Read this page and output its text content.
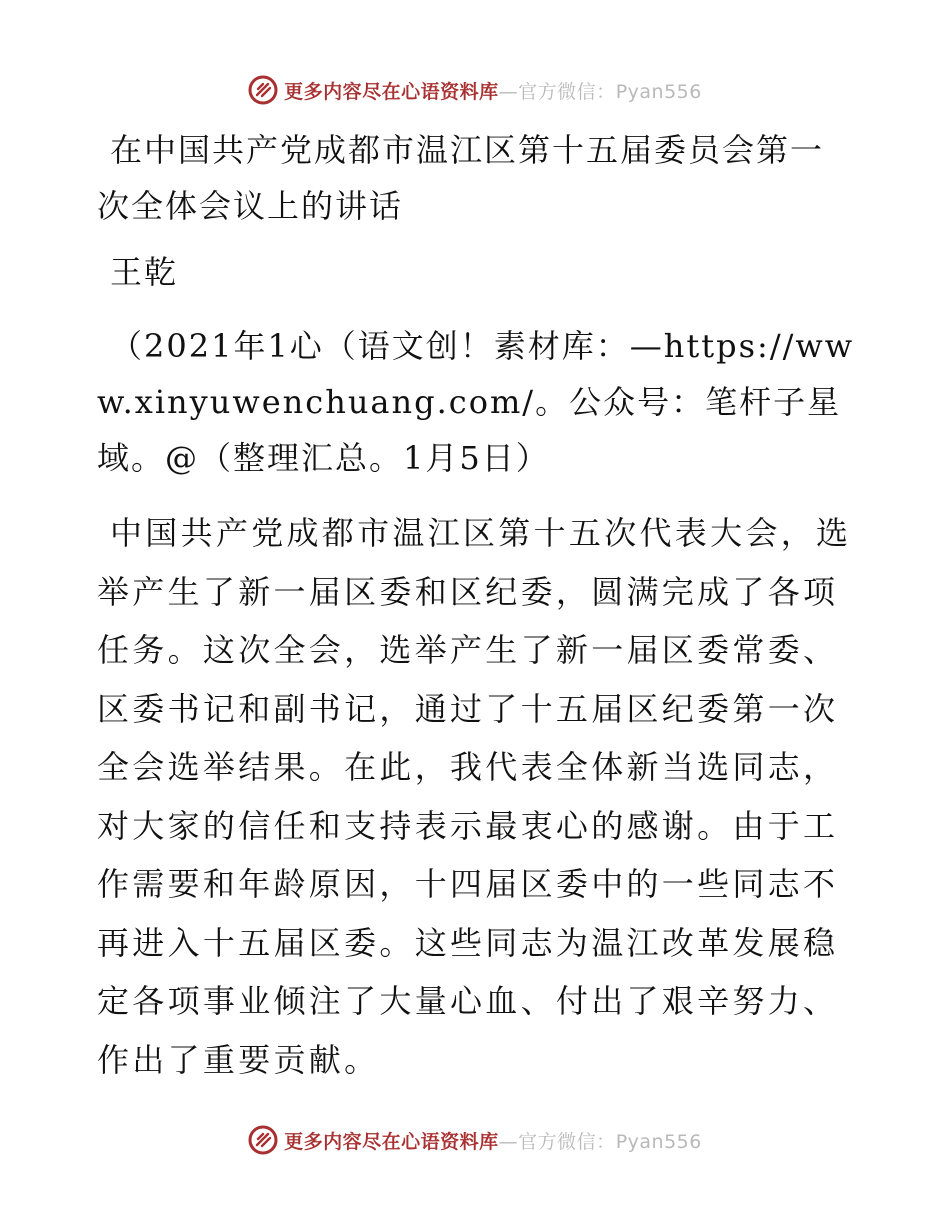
更多内容尽在心语资料库—官方微信：Pyan556

在中国共产党成都市温江区第十五届委员会第一次全体会议上的讲话

王乾

（2021年1心（语文创！素材库：—https://www.xinyuwenchuang.com/。公众号：笔杆子星域。@（整理汇总。1月5日）

中国共产党成都市温江区第十五次代表大会，选举产生了新一届区委和区纪委，圆满完成了各项任务。这次全会，选举产生了新一届区委常委、区委书记和副书记，通过了十五届区纪委第一次全会选举结果。在此，我代表全体新当选同志，对大家的信任和支持表示最衷心的感谢。由于工作需要和年龄原因，十四届区委中的一些同志不再进入十五届区委。这些同志为温江改革发展稳定各项事业倾注了大量心血、付出了艰辛努力、作出了重要贡献。

更多内容尽在心语资料库—官方微信：Pyan556
